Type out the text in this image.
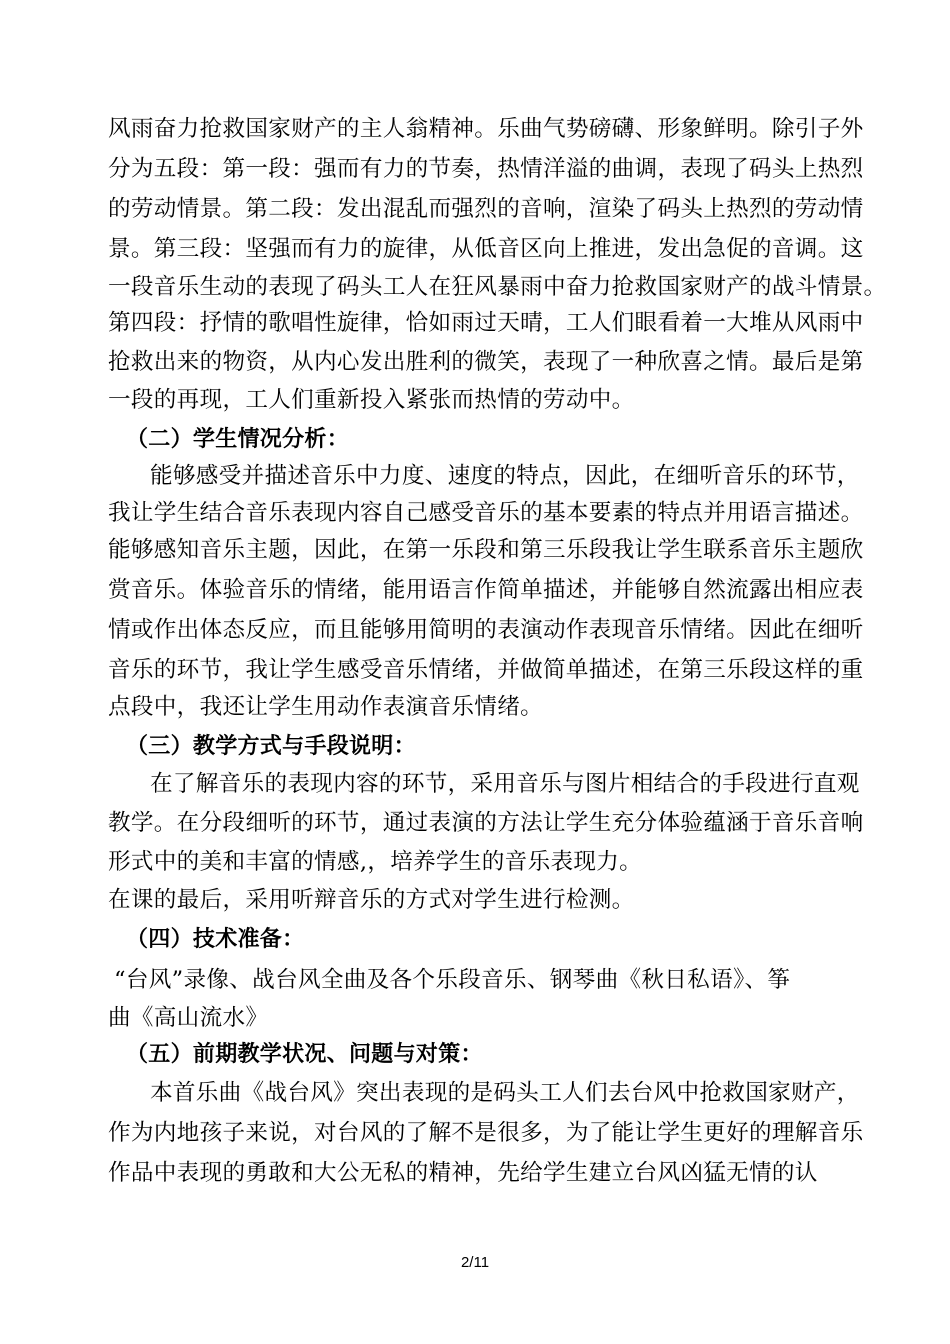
风雨奋力抢救国家财产的主人翁精神。乐曲气势磅礴、形象鲜明。除引子外
分为五段：第一段：强而有力的节奏，热情洋溢的曲调，表现了码头上热烈
的劳动情景。第二段：发出混乱而强烈的音响，渲染了码头上热烈的劳动情
景。第三段：坚强而有力的旋律，从低音区向上推进，发出急促的音调。这
一段音乐生动的表现了码头工人在狂风暴雨中奋力抢救国家财产的战斗情景。
第四段：抒情的歌唱性旋律，恰如雨过天晴，工人们眼看着一大堆从风雨中
抢救出来的物资，从内心发出胜利的微笑，表现了一种欣喜之情。最后是第
一段的再现，工人们重新投入紧张而热情的劳动中。
（二）学生情况分析：
能够感受并描述音乐中力度、速度的特点，因此，在细听音乐的环节，
我让学生结合音乐表现内容自己感受音乐的基本要素的特点并用语言描述。
能够感知音乐主题，因此，在第一乐段和第三乐段我让学生联系音乐主题欣
赏音乐。体验音乐的情绪，能用语言作简单描述，并能够自然流露出相应表
情或作出体态反应，而且能够用简明的表演动作表现音乐情绪。因此在细听
音乐的环节，我让学生感受音乐情绪，并做简单描述，在第三乐段这样的重
点段中，我还让学生用动作表演音乐情绪。
（三）教学方式与手段说明：
在了解音乐的表现内容的环节，采用音乐与图片相结合的手段进行直观
教学。在分段细听的环节，通过表演的方法让学生充分体验蕴涵于音乐音响
形式中的美和丰富的情感,，培养学生的音乐表现力。
在课的最后，采用听辩音乐的方式对学生进行检测。
（四）技术准备：
“台风”录像、战台风全曲及各个乐段音乐、钢琴曲《秋日私语》、筝
曲《高山流水》
（五）前期教学状况、问题与对策：
本首乐曲《战台风》突出表现的是码头工人们去台风中抢救国家财产，
作为内地孩子来说，对台风的了解不是很多，为了能让学生更好的理解音乐
作品中表现的勇敢和大公无私的精神，先给学生建立台风凶猛无情的认
2/11
